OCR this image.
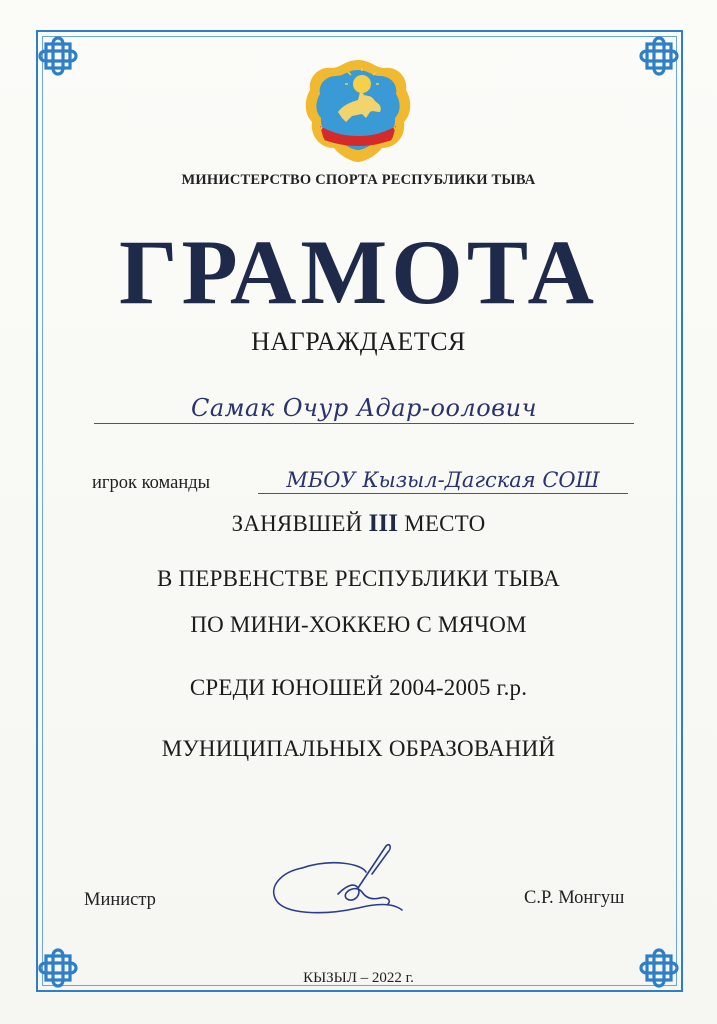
МИНИСТЕРСТВО СПОРТА РЕСПУБЛИКИ ТЫВА
ГРАМОТА
НАГРАЖДАЕТСЯ
Самак Очур Адар-оолович
игрок команды	МБОУ Кызыл-Дагская СОШ
ЗАНЯВШЕЙ III МЕСТО
В ПЕРВЕНСТВЕ РЕСПУБЛИКИ ТЫВА
ПО МИНИ-ХОККЕЮ С МЯЧОМ
СРЕДИ ЮНОШЕЙ 2004-2005 г.р.
МУНИЦИПАЛЬНЫХ ОБРАЗОВАНИЙ
Министр	С.Р. Монгуш
КЫЗЫЛ – 2022 г.
